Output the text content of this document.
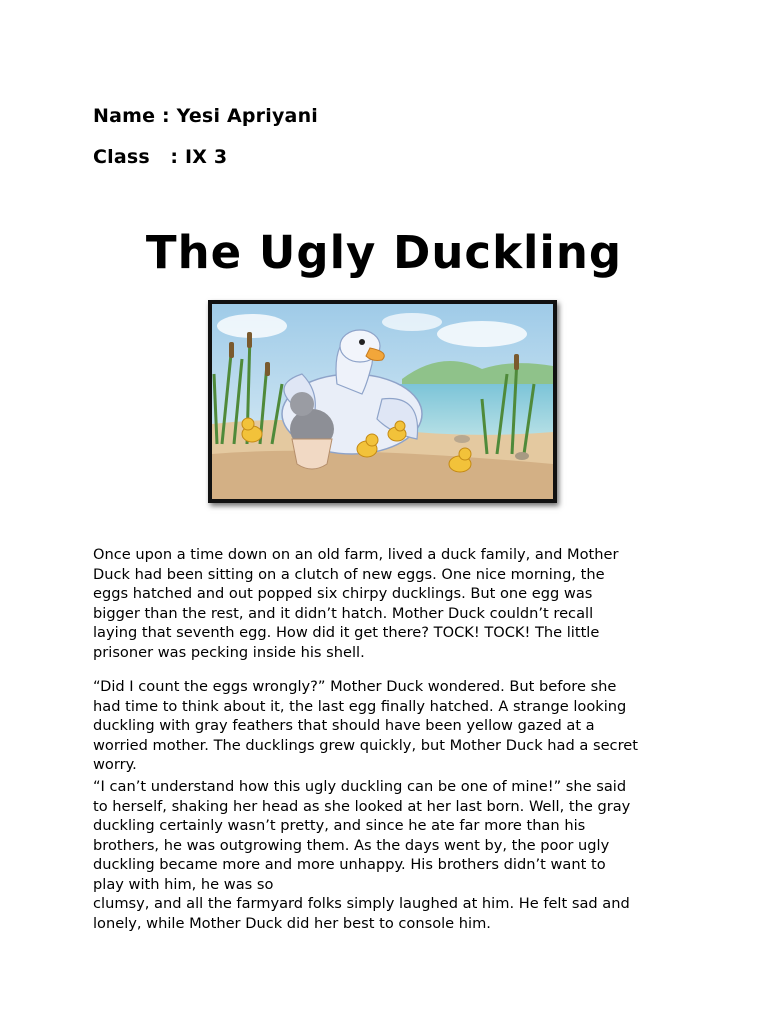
Name : Yesi Apriyani
Class   : IX 3
The Ugly Duckling
Once upon a time down on an old farm, lived a duck family, and Mother
Duck had been sitting on a clutch of new eggs. One nice morning, the
eggs hatched and out popped six chirpy ducklings. But one egg was
bigger than the rest, and it didn’t hatch. Mother Duck couldn’t recall
laying that seventh egg. How did it get there? TOCK! TOCK! The little
prisoner was pecking inside his shell.
“Did I count the eggs wrongly?” Mother Duck wondered. But before she
had time to think about it, the last egg finally hatched. A strange looking
duckling with gray feathers that should have been yellow gazed at a
worried mother. The ducklings grew quickly, but Mother Duck had a secret
worry.
“I can’t understand how this ugly duckling can be one of mine!” she said
to herself, shaking her head as she looked at her last born. Well, the gray
duckling certainly wasn’t pretty, and since he ate far more than his
brothers, he was outgrowing them. As the days went by, the poor ugly
duckling became more and more unhappy. His brothers didn’t want to
play with him, he was so
clumsy, and all the farmyard folks simply laughed at him. He felt sad and
lonely, while Mother Duck did her best to console him.
